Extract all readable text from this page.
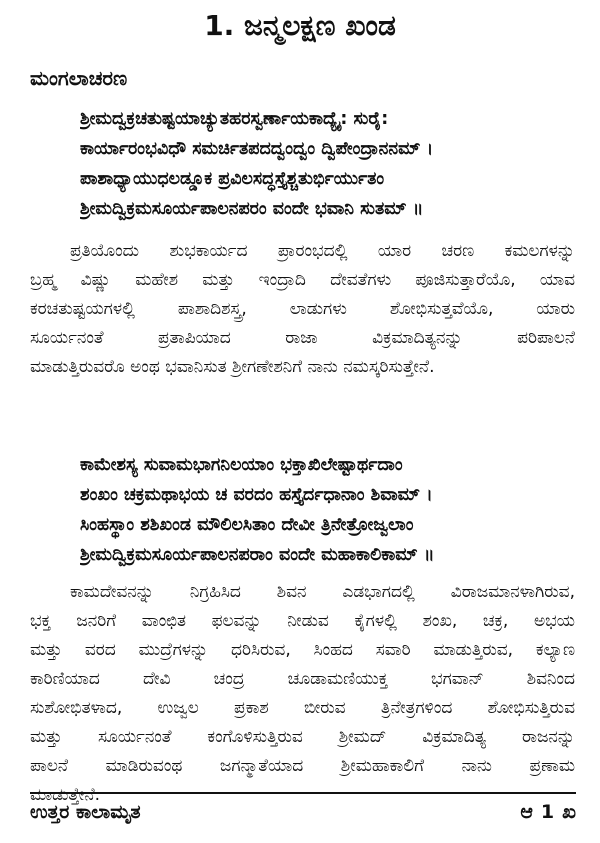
1. ಜನ್ಮಲಕ್ಷಣ ಖಂಡ
ಮಂಗಲಾಚರಣ
ಶ್ರೀಮದ್ವಕ್ರಚತುಷ್ಟಯಾಚ್ಯುತಹರಸ್ವರ್ಣಾಯಕಾದ್ಯೈ: ಸುರೈ:
ಕಾರ್ಯಾರಂಭವಿಧೌ ಸಮರ್ಚಿತಪದದ್ವಂದ್ವಂ ದ್ವಿಪೇಂದ್ರಾನನಮ್ ।
ಪಾಶಾಧ್ಯಾಯುಧಲಡ್ಡೂಕ ಪ್ರವಿಲಸದ್ಧಸ್ತೈಶ್ಚತುರ್ಭಿರ್ಯುತಂ
ಶ್ರೀಮದ್ವಿಕ್ರಮಸೂರ್ಯಪಾಲನಪರಂ ವಂದೇ ಭವಾನಿ ಸುತಮ್ ॥
ಪ್ರತಿಯೊಂದು ಶುಭಕಾರ್ಯದ ಪ್ರಾರಂಭದಲ್ಲಿ ಯಾರ ಚರಣ ಕಮಲಗಳನ್ನು
ಬ್ರಹ್ಮ ವಿಷ್ಣು ಮಹೇಶ ಮತ್ತು ಇಂದ್ರಾದಿ ದೇವತೆಗಳು ಪೂಜಿಸುತ್ತಾರೆಯೊ, ಯಾವ
ಕರಚತುಷ್ಟಯಗಳಲ್ಲಿ ಪಾಶಾದಿಶಸ್ತ್ರ, ಲಾಡುಗಳು ಶೋಭಿಸುತ್ತವೆಯೊ, ಯಾರು
ಸೂರ್ಯನಂತೆ ಪ್ರತಾಪಿಯಾದ ರಾಜಾ ವಿಕ್ರಮಾದಿತ್ಯನನ್ನು ಪರಿಪಾಲನೆ
ಮಾಡುತ್ತಿರುವರೊ ಅಂಥ ಭವಾನಿಸುತ ಶ್ರೀಗಣೇಶನಿಗೆ ನಾನು ನಮಸ್ಕರಿಸುತ್ತೇನೆ.
ಕಾಮೇಶಸ್ಯ ಸುವಾಮಭಾಗನಿಲಯಾಂ ಭಕ್ತಾಖಿಲೇಷ್ಟಾರ್ಥದಾಂ
ಶಂಖಂ ಚಕ್ರಮಥಾಭಯ ಚ ವರದಂ ಹಸ್ತೈರ್ದಧಾನಾಂ ಶಿವಾಮ್ ।
ಸಿಂಹಸ್ಥಾಂ ಶಶಿಖಂಡ ಮೌಲಿಲಸಿತಾಂ ದೇವೀ ತ್ರಿನೇತ್ರೋಜ್ವಲಾಂ
ಶ್ರೀಮದ್ವಿಕ್ರಮಸೂರ್ಯಪಾಲನಪರಾಂ ವಂದೇ ಮಹಾಕಾಲಿಕಾಮ್ ॥
ಕಾಮದೇವನನ್ನು ನಿಗ್ರಹಿಸಿದ ಶಿವನ ಎಡಭಾಗದಲ್ಲಿ ವಿರಾಜಮಾನಳಾಗಿರುವ,
ಭಕ್ತ ಜನರಿಗೆ ವಾಂಛಿತ ಫಲವನ್ನು ನೀಡುವ ಕೈಗಳಲ್ಲಿ ಶಂಖ, ಚಕ್ರ, ಅಭಯ
ಮತ್ತು ವರದ ಮುದ್ರೆಗಳನ್ನು ಧರಿಸಿರುವ, ಸಿಂಹದ ಸವಾರಿ ಮಾಡುತ್ತಿರುವ, ಕಲ್ಯಾಣ
ಕಾರಿಣಿಯಾದ ದೇವಿ ಚಂದ್ರ ಚೂಡಾಮಣಿಯುಕ್ತ ಭಗವಾನ್ ಶಿವನಿಂದ
ಸುಶೋಭಿತಳಾದ, ಉಜ್ವಲ ಪ್ರಕಾಶ ಬೀರುವ ತ್ರಿನೇತ್ರಗಳಿಂದ ಶೋಭಿಸುತ್ತಿರುವ
ಮತ್ತು ಸೂರ್ಯನಂತೆ ಕಂಗೊಳಿಸುತ್ತಿರುವ ಶ್ರೀಮದ್ ವಿಕ್ರಮಾದಿತ್ಯ ರಾಜನನ್ನು
ಪಾಲನೆ ಮಾಡಿರುವಂಥ ಜಗನ್ಮಾತೆಯಾದ ಶ್ರೀಮಹಾಕಾಲಿಗೆ ನಾನು ಪ್ರಣಾಮ
ಮಾಡುತ್ತೇನೆ.
ಉತ್ತರ ಕಾಲಾಮೃತ	ಆ 1 ಖ
